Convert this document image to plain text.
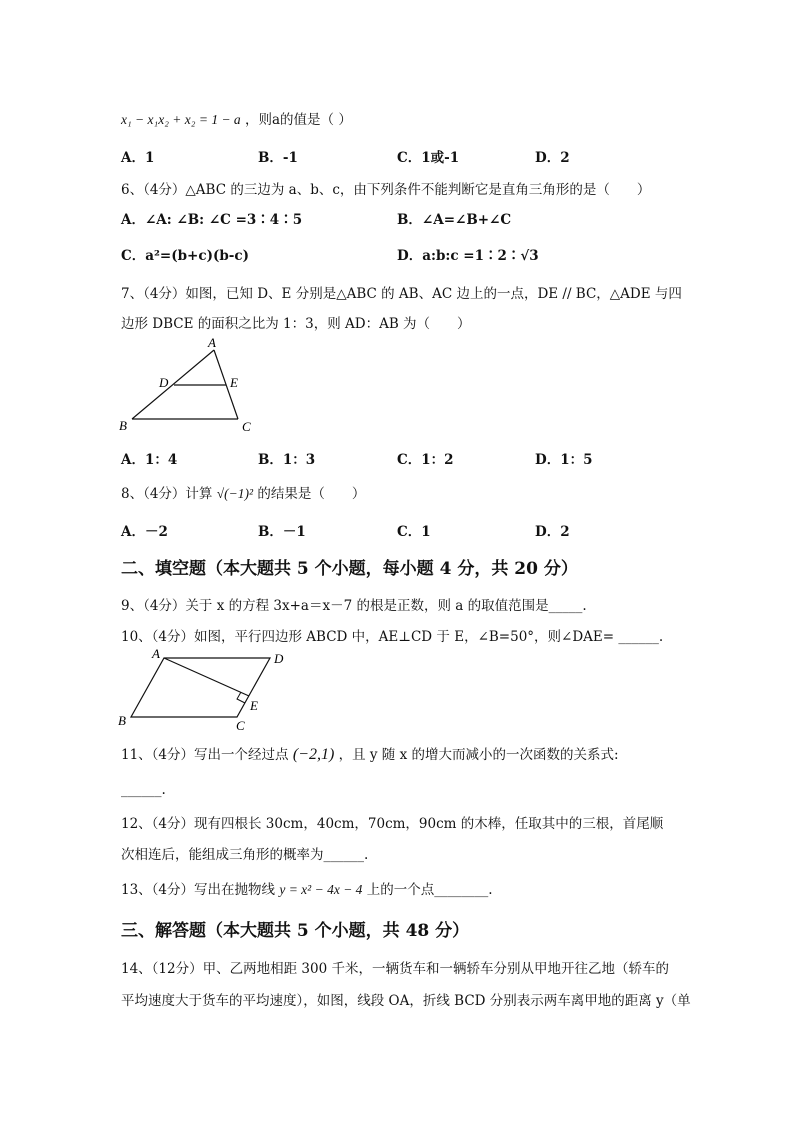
x₁ − x₁x₂ + x₂ = 1 − a ，则a的值是（ ）
A．1	B．-1	C．1或-1	D．2
6、（4分）△ABC 的三边为 a、b、c，由下列条件不能判断它是直角三角形的是（　　）
A．∠A: ∠B: ∠C =3∶4∶5	B．∠A=∠B+∠C
C．a²=(b+c)(b-c)	D．a:b:c =1∶2∶√3
7、（4分）如图，已知 D、E 分别是△ABC 的 AB、AC 边上的一点，DE // BC，△ADE 与四
边形 DBCE 的面积之比为 1：3，则 AD：AB 为（　　）
A
D	E
B	C
A．1：4	B．1：3	C．1：2	D．1：5
8、（4分）计算 √(−1)² 的结果是（　　）
A．－2	B．－1	C．1	D．2
二、填空题（本大题共 5 个小题，每小题 4 分，共 20 分）
9、（4分）关于 x 的方程 3x+a＝x－7 的根是正数，则 a 的取值范围是_____.
10、（4分）如图，平行四边形 ABCD 中，AE⊥CD 于 E，∠B=50°，则∠DAE= ______.
A	D
E
B	C
11、（4分）写出一个经过点 (−2,1) ，且 y 随 x 的增大而减小的一次函数的关系式:
______.
12、（4分）现有四根长 30cm，40cm，70cm，90cm 的木棒，任取其中的三根，首尾顺
次相连后，能组成三角形的概率为______.
13、（4分）写出在抛物线 y = x² − 4x − 4 上的一个点________.
三、解答题（本大题共 5 个小题，共 48 分）
14、（12分）甲、乙两地相距 300 千米，一辆货车和一辆轿车分别从甲地开往乙地（轿车的
平均速度大于货车的平均速度），如图，线段 OA，折线 BCD 分别表示两车离甲地的距离 y（单
